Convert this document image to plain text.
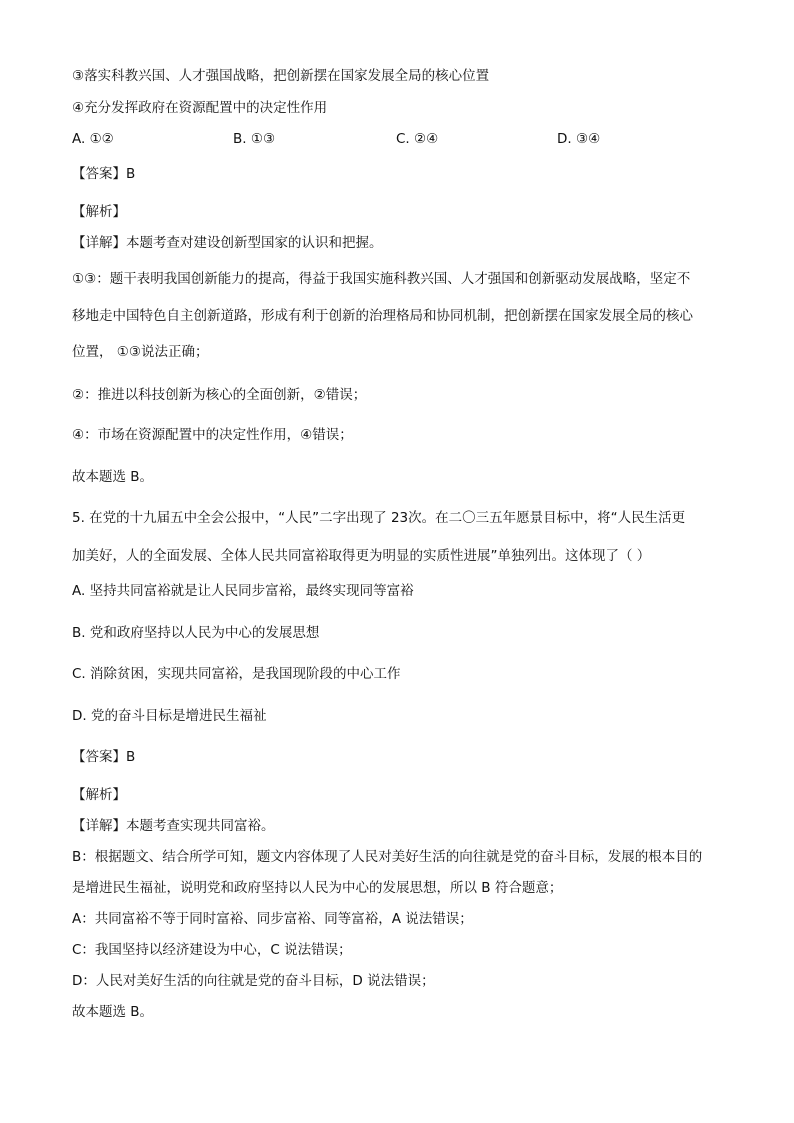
③落实科教兴国、人才强国战略，把创新摆在国家发展全局的核心位置
④充分发挥政府在资源配置中的决定性作用
A. ①②	B. ①③	C. ②④	D. ③④
【答案】B
【解析】
【详解】本题考查对建设创新型国家的认识和把握。
①③：题干表明我国创新能力的提高，得益于我国实施科教兴国、人才强国和创新驱动发展战略，坚定不
移地走中国特色自主创新道路，形成有利于创新的治理格局和协同机制，把创新摆在国家发展全局的核心
位置， ①③说法正确；
②：推进以科技创新为核心的全面创新，②错误；
④：市场在资源配置中的决定性作用，④错误；
故本题选 B。
5. 在党的十九届五中全会公报中，“人民”二字出现了 23次。在二〇三五年愿景目标中，将“人民生活更
加美好，人的全面发展、全体人民共同富裕取得更为明显的实质性进展”单独列出。这体现了（ ）
A. 坚持共同富裕就是让人民同步富裕，最终实现同等富裕
B. 党和政府坚持以人民为中心的发展思想
C. 消除贫困，实现共同富裕，是我国现阶段的中心工作
D. 党的奋斗目标是增进民生福祉
【答案】B
【解析】
【详解】本题考查实现共同富裕。
B：根据题文、结合所学可知，题文内容体现了人民对美好生活的向往就是党的奋斗目标，发展的根本目的
是增进民生福祉，说明党和政府坚持以人民为中心的发展思想，所以 B 符合题意；
A：共同富裕不等于同时富裕、同步富裕、同等富裕，A 说法错误；
C：我国坚持以经济建设为中心，C 说法错误；
D：人民对美好生活的向往就是党的奋斗目标，D 说法错误；
故本题选 B。
